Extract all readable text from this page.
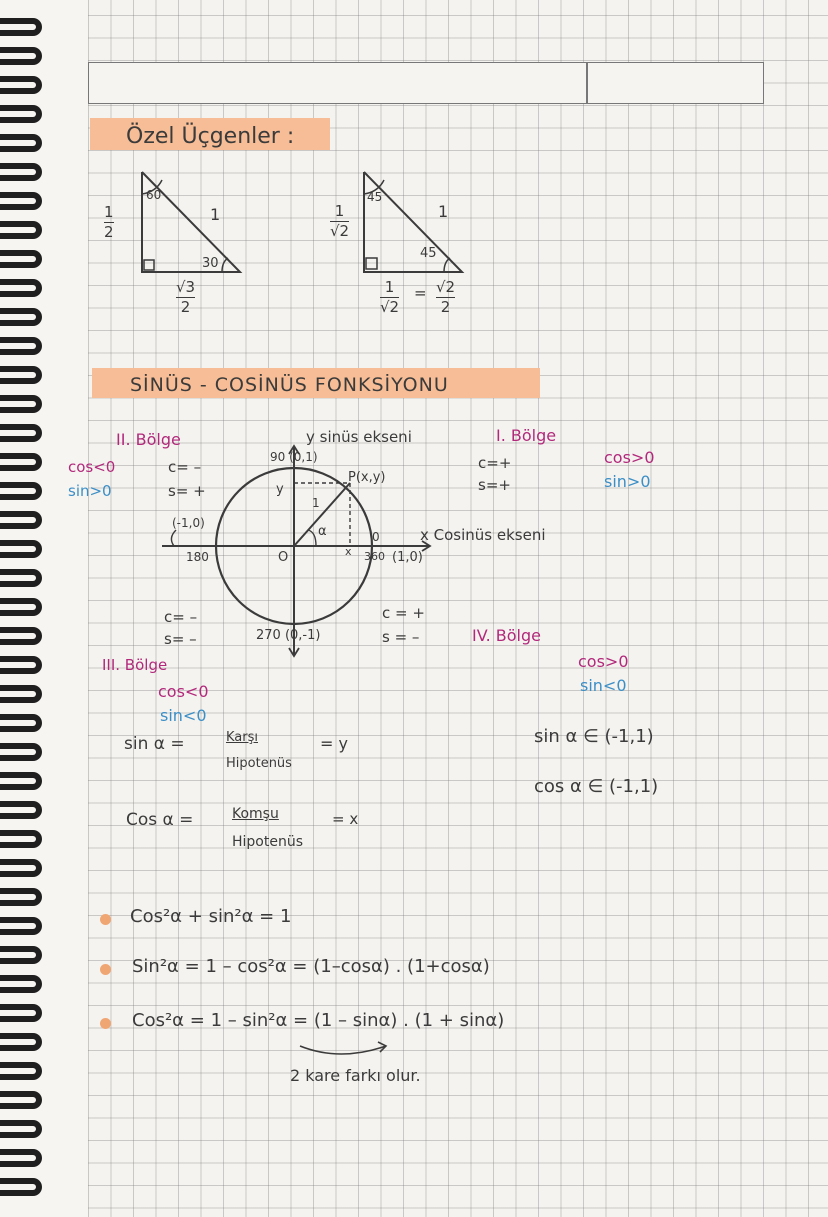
Özel Üçgenler :
1
2
60
1
30
√3
2
1
√2
45
1
45
1
√2
= √2
2
SİNÜS - COSİNÜS FONKSİYONU
y sinüs ekseni
90 (0,1)
P(x,y)
y
1
α
(-1,0)
180	O	x
0
360 (1,0)
x Cosinüs ekseni
270 (0,-1)
II. Bölge
cos<0
sin>0
c= –
s= +
I. Bölge
c=+
s=+
cos>0
sin>0
c= –
s= –
III. Bölge
cos<0
sin<0
c = +
s = –	IV. Bölge
cos>0
sin<0
sin α =	Karşı
Hipotenüs
= y
Cos α =	Komşu
Hipotenüs
= x
sin α ∈ (-1,1)
cos α ∈ (-1,1)
Cos²α + sin²α = 1
Sin²α = 1 – cos²α = (1–cosα) . (1+cosα)
Cos²α = 1 – sin²α = (1 – sinα) . (1 + sinα)
2 kare farkı olur.
